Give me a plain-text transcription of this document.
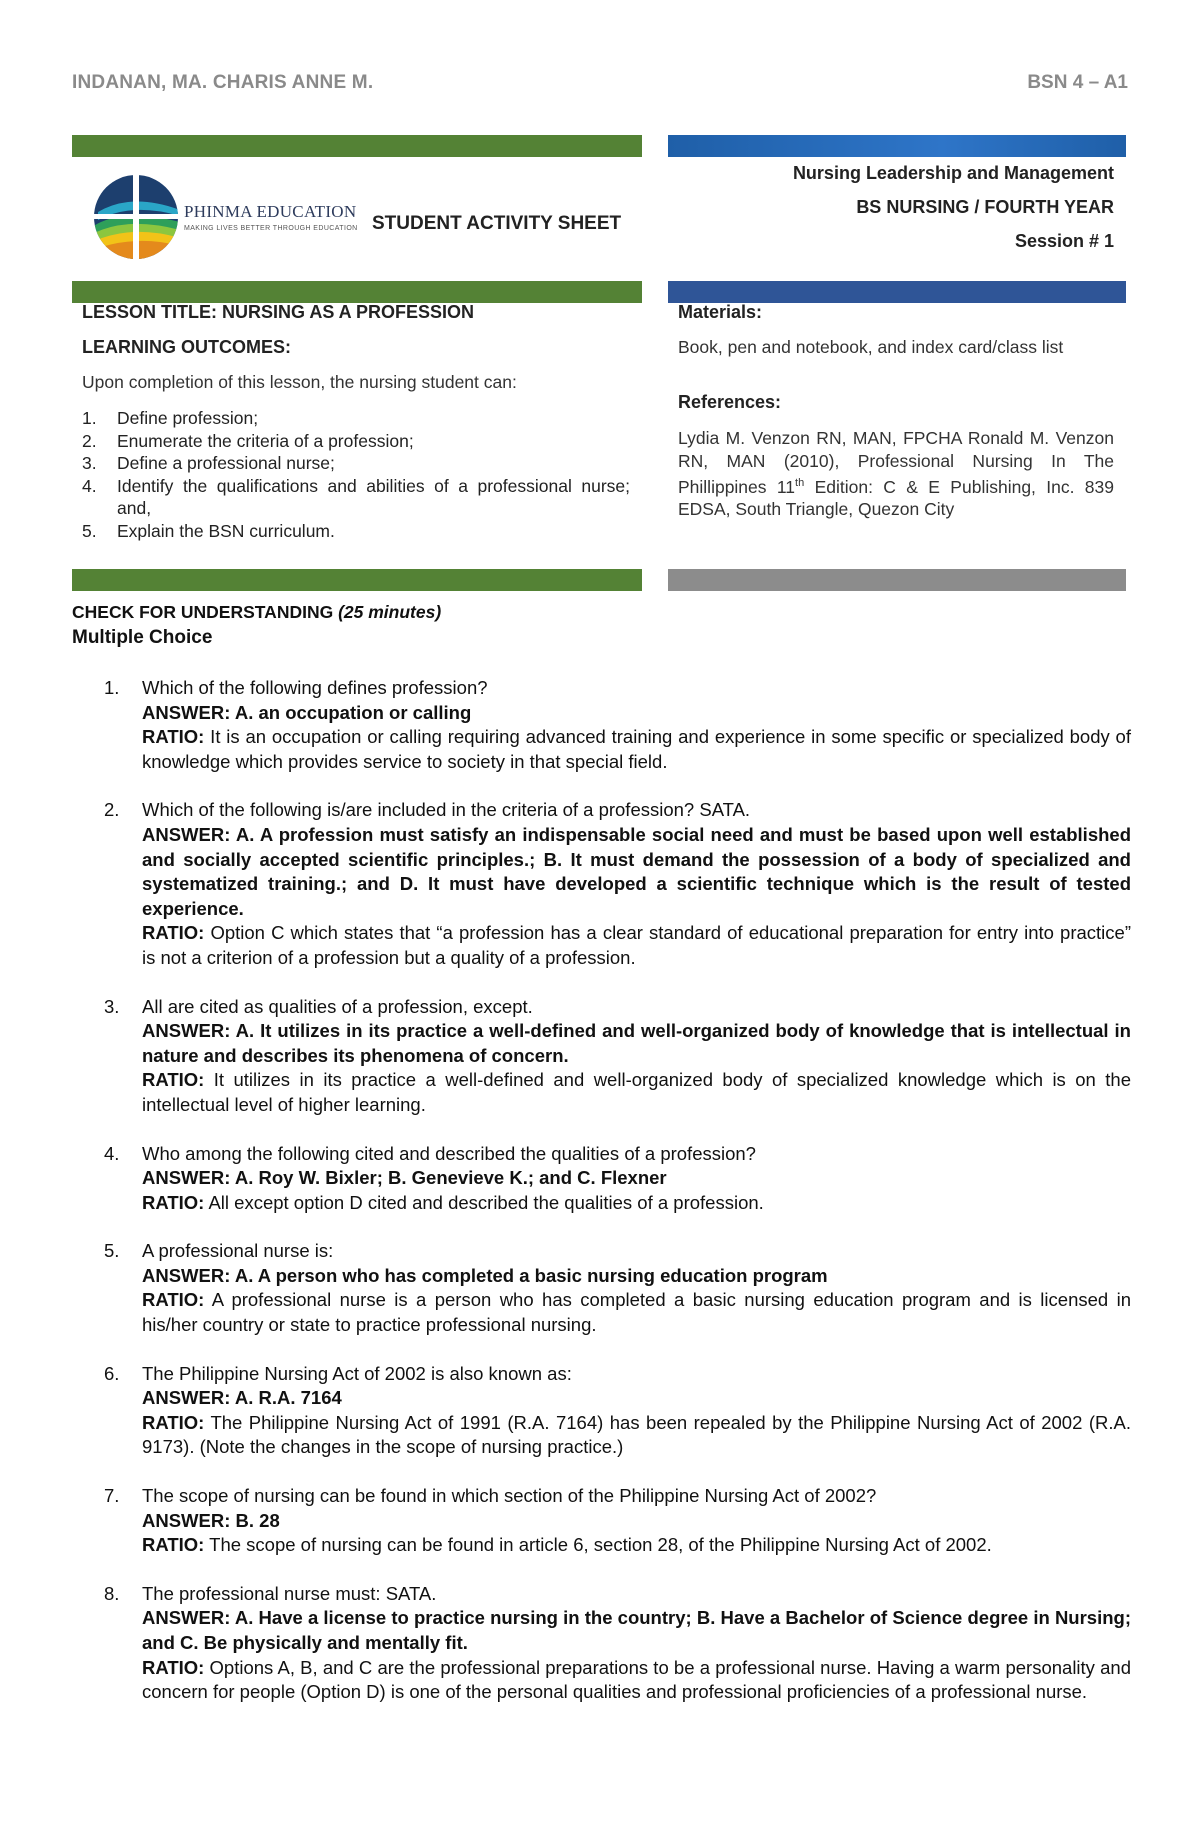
INDANAN, MA. CHARIS ANNE M.	BSN 4 – A1
PHINMA EDUCATION
MAKING LIVES BETTER THROUGH EDUCATION STUDENT ACTIVITY SHEET
Nursing Leadership and Management
BS NURSING / FOURTH YEAR
Session # 1
LESSON TITLE: NURSING AS A PROFESSION
LEARNING OUTCOMES:
Upon completion of this lesson, the nursing student can:
1.	Define profession;
2.	Enumerate the criteria of a profession;
3.	Define a professional nurse;
4.	Identify the qualifications and abilities of a professional nurse; and,
5.	Explain the BSN curriculum.
Materials:
Book, pen and notebook, and index card/class list
References:
Lydia M. Venzon RN, MAN, FPCHA Ronald M. Venzon RN, MAN (2010), Professional Nursing In The Phillippines 11th Edition: C & E Publishing, Inc. 839 EDSA, South Triangle, Quezon City
CHECK FOR UNDERSTANDING (25 minutes)
Multiple Choice
1.	Which of the following defines profession?
ANSWER: A. an occupation or calling
RATIO: It is an occupation or calling requiring advanced training and experience in some specific or specialized body of knowledge which provides service to society in that special field.
2.	Which of the following is/are included in the criteria of a profession? SATA.
ANSWER: A. A profession must satisfy an indispensable social need and must be based upon well established and socially accepted scientific principles.; B. It must demand the possession of a body of specialized and systematized training.; and D. It must have developed a scientific technique which is the result of tested experience.
RATIO: Option C which states that “a profession has a clear standard of educational preparation for entry into practice” is not a criterion of a profession but a quality of a profession.
3.	All are cited as qualities of a profession, except.
ANSWER: A. It utilizes in its practice a well-defined and well-organized body of knowledge that is intellectual in nature and describes its phenomena of concern.
RATIO: It utilizes in its practice a well-defined and well-organized body of specialized knowledge which is on the intellectual level of higher learning.
4.	Who among the following cited and described the qualities of a profession?
ANSWER: A. Roy W. Bixler; B. Genevieve K.; and C. Flexner
RATIO: All except option D cited and described the qualities of a profession.
5.	A professional nurse is:
ANSWER: A. A person who has completed a basic nursing education program
RATIO: A professional nurse is a person who has completed a basic nursing education program and is licensed in his/her country or state to practice professional nursing.
6.	The Philippine Nursing Act of 2002 is also known as:
ANSWER: A. R.A. 7164
RATIO: The Philippine Nursing Act of 1991 (R.A. 7164) has been repealed by the Philippine Nursing Act of 2002 (R.A. 9173). (Note the changes in the scope of nursing practice.)
7.	The scope of nursing can be found in which section of the Philippine Nursing Act of 2002?
ANSWER: B. 28
RATIO: The scope of nursing can be found in article 6, section 28, of the Philippine Nursing Act of 2002.
8.	The professional nurse must: SATA.
ANSWER: A. Have a license to practice nursing in the country; B. Have a Bachelor of Science degree in Nursing; and C. Be physically and mentally fit.
RATIO: Options A, B, and C are the professional preparations to be a professional nurse. Having a warm personality and concern for people (Option D) is one of the personal qualities and professional proficiencies of a professional nurse.
